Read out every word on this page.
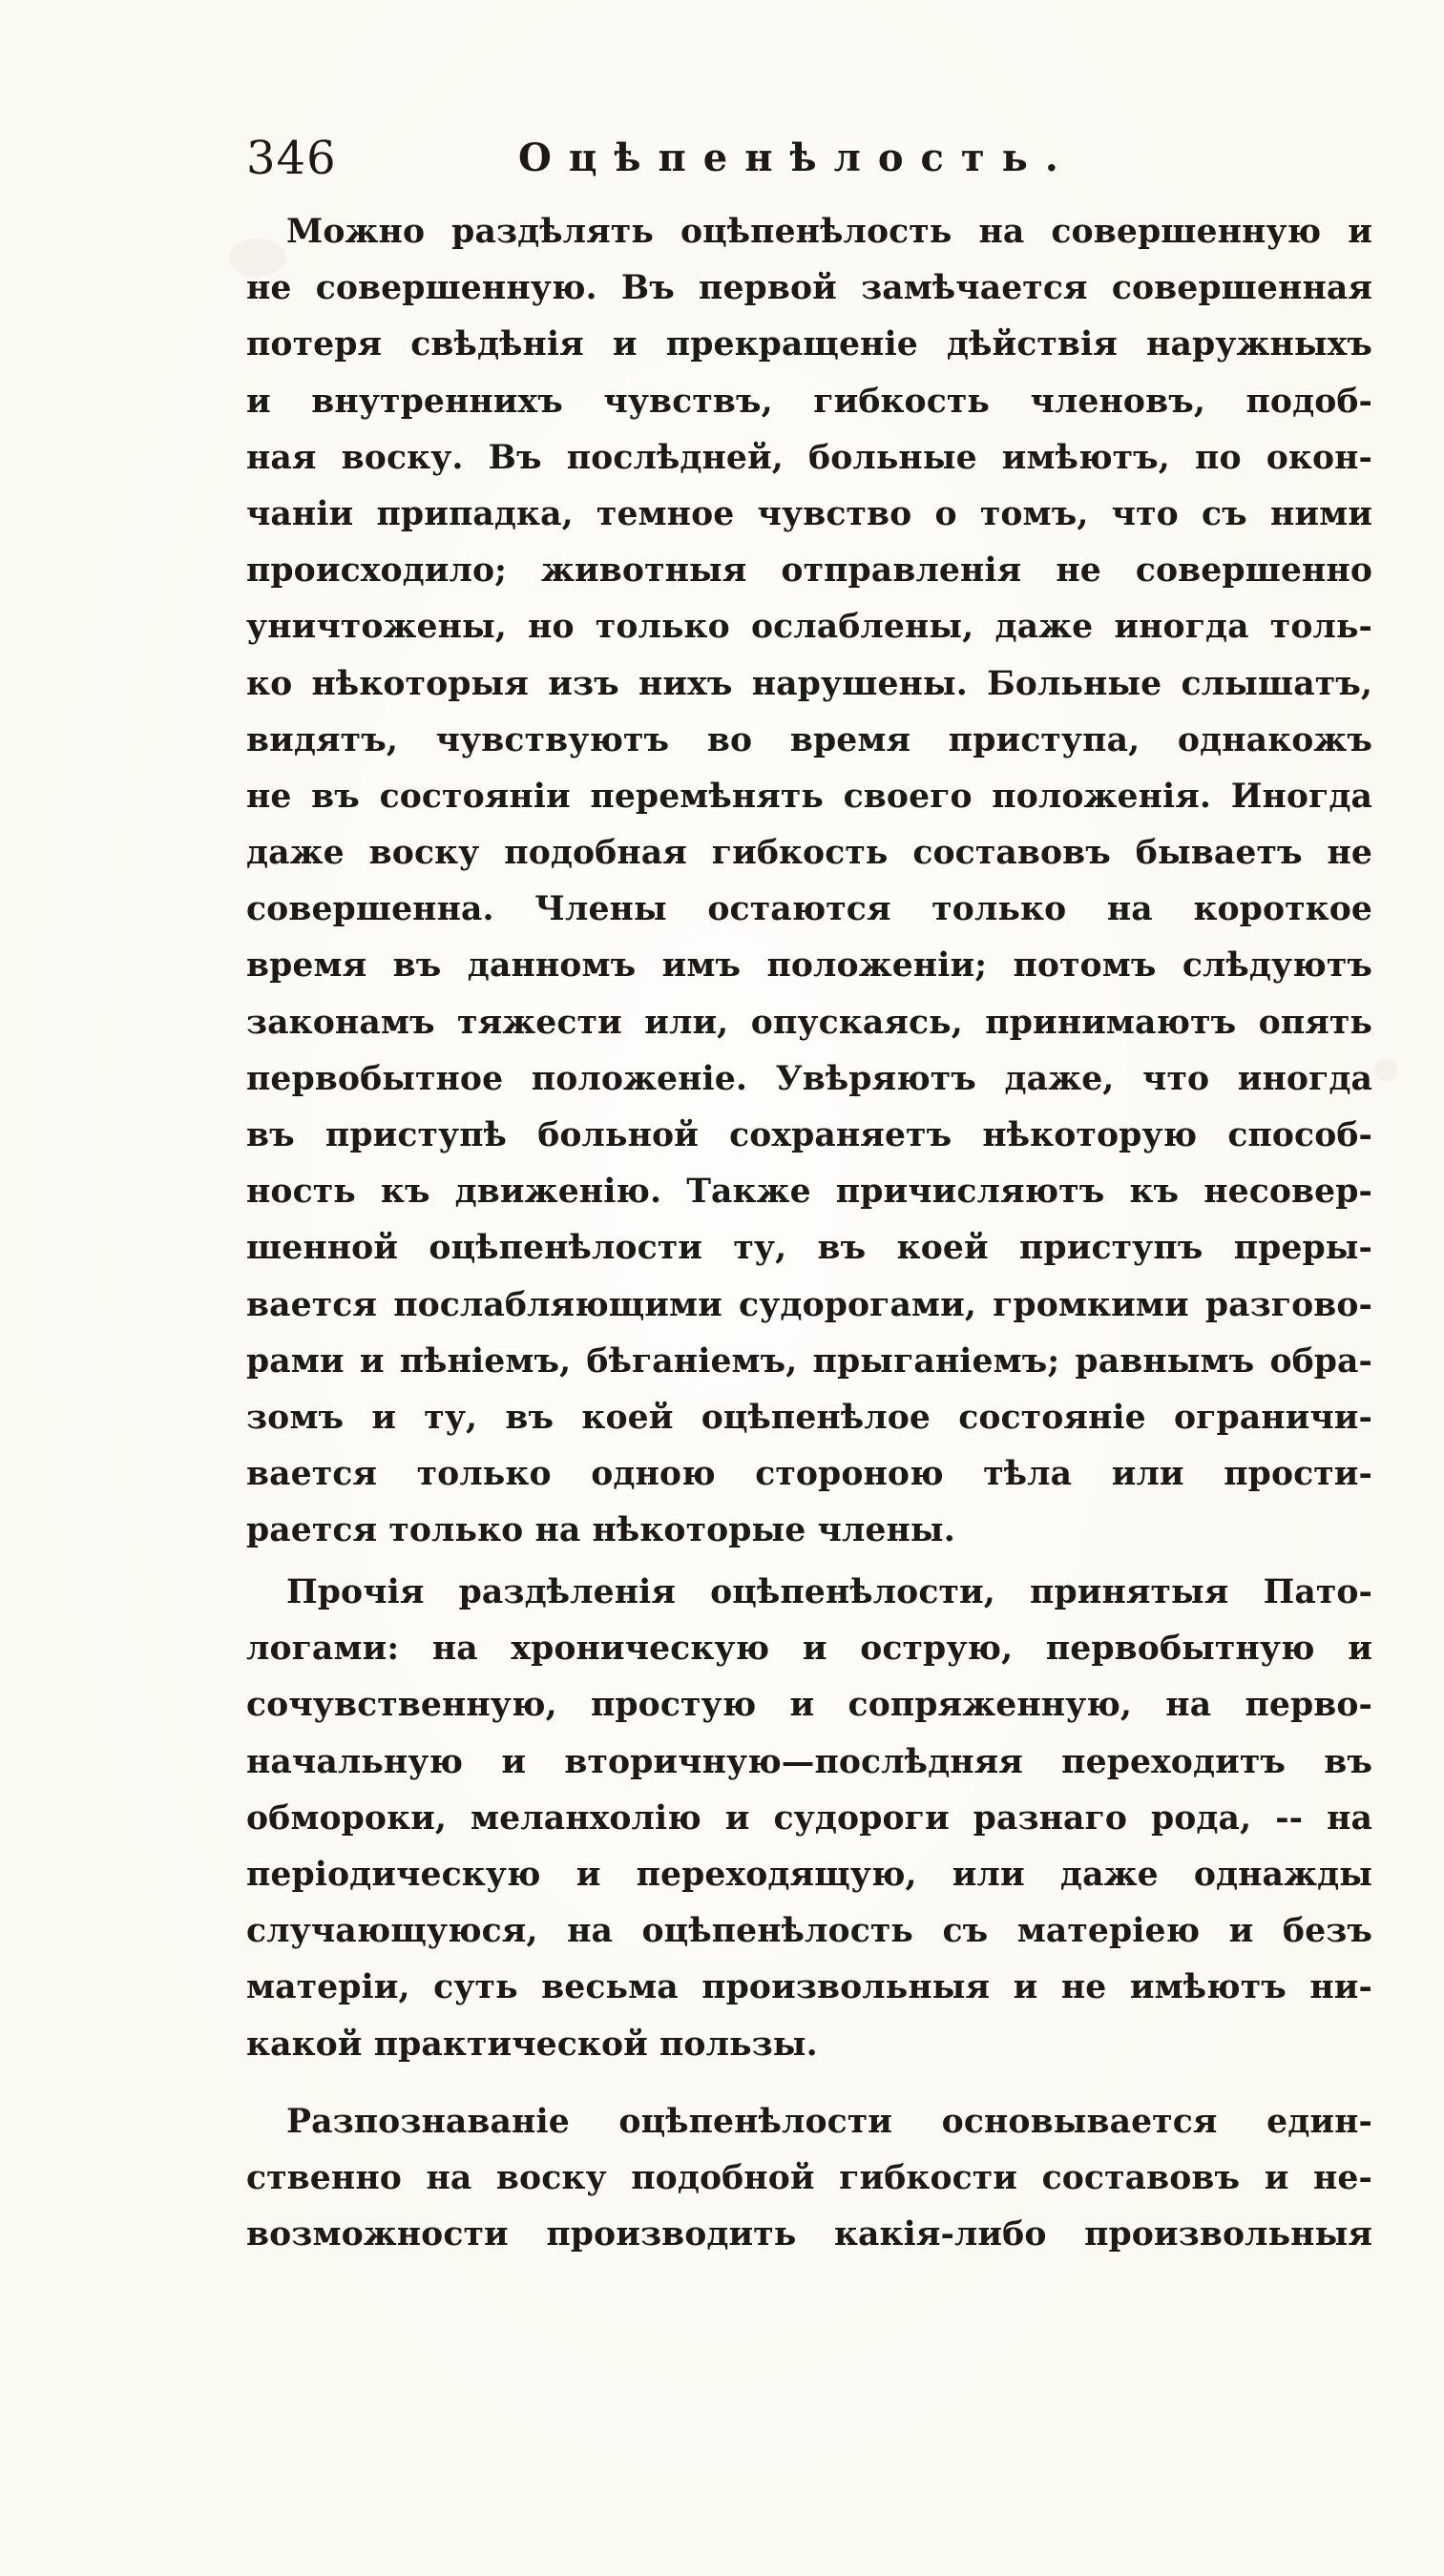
346	Оцѣпенѣлость.
Можно раздѣлять оцѣпенѣлость на совершенную и
не совершенную. Въ первой замѣчается совершенная
потеря свѣдѣнія и прекращеніе дѣйствія наружныхъ
и внутреннихъ чувствъ, гибкость членовъ, подоб-
ная воску. Въ послѣдней, больные имѣютъ, по окон-
чаніи припадка, темное чувство о томъ, что съ ними
происходило; животныя отправленія не совершенно
уничтожены, но только ослаблены, даже иногда толь-
ко нѣкоторыя изъ нихъ нарушены. Больные слышатъ,
видятъ, чувствуютъ во время приступа, однакожъ
не въ состояніи перемѣнять своего положенія. Иногда
даже воску подобная гибкость составовъ бываетъ не
совершенна. Члены остаются только на короткое
время въ данномъ имъ положеніи; потомъ слѣдуютъ
законамъ тяжести или, опускаясь, принимаютъ опять
первобытное положеніе. Увѣряютъ даже, что иногда
въ приступѣ больной сохраняетъ нѣкоторую способ-
ность къ движенію. Также причисляютъ къ несовер-
шенной оцѣпенѣлости ту, въ коей приступъ преры-
вается послабляющими судорогами, громкими разгово-
рами и пѣніемъ, бѣганіемъ, прыганіемъ; равнымъ обра-
зомъ и ту, въ коей оцѣпенѣлое состояніе ограничи-
вается только одною стороною тѣла или прости-
рается только на нѣкоторые члены.
Прочія раздѣленія оцѣпенѣлости, принятыя Пато-
логами: на хроническую и острую, первобытную и
сочувственную, простую и сопряженную, на перво-
начальную и вторичную—послѣдняя переходитъ въ
обмороки, меланхолію и судороги разнаго рода, -- на
періодическую и переходящую, или даже однажды
случающуюся, на оцѣпенѣлость съ матеріею и безъ
матеріи, суть весьма произвольныя и не имѣютъ ни-
какой практической пользы.
Разпознаваніе оцѣпенѣлости основывается един-
ственно на воску подобной гибкости составовъ и не-
возможности производить какія-либо произвольныя
